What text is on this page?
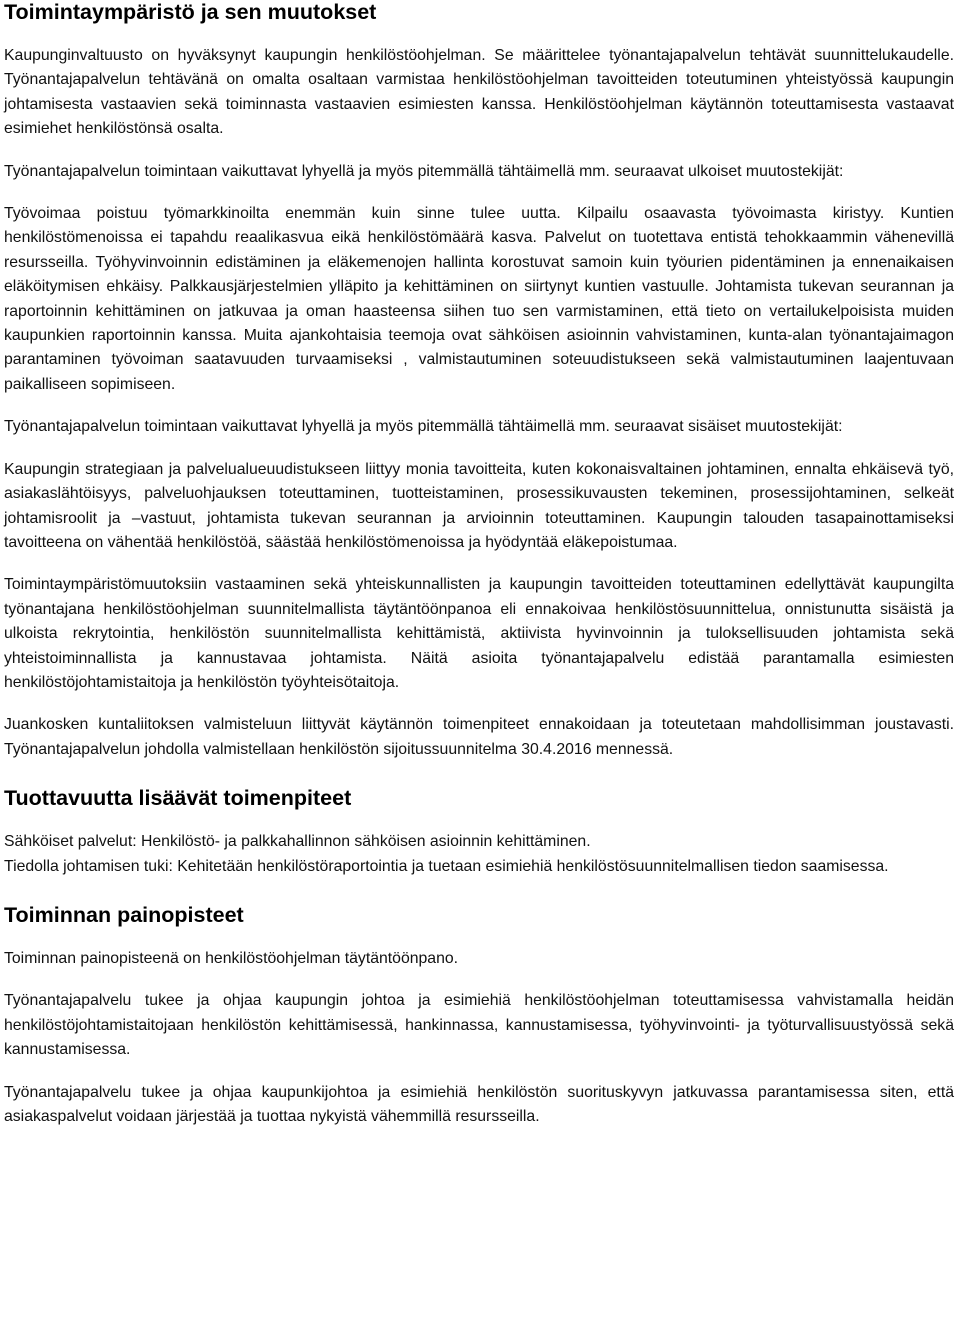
Toimintaympäristö ja sen muutokset

Kaupunginvaltuusto on hyväksynyt kaupungin henkilöstöohjelman. Se määrittelee työnantajapalvelun tehtävät suunnittelukaudelle. Työnantajapalvelun tehtävänä on omalta osaltaan varmistaa henkilöstöohjelman tavoitteiden toteutuminen yhteistyössä kaupungin johtamisesta vastaavien sekä toiminnasta vastaavien esimiesten kanssa. Henkilöstöohjelman käytännön toteuttamisesta vastaavat esimiehet henkilöstönsä osalta.

Työnantajapalvelun toimintaan vaikuttavat lyhyellä ja myös pitemmällä tähtäimellä mm. seuraavat ulkoiset muutostekijät:

Työvoimaa poistuu työmarkkinoilta enemmän kuin sinne tulee uutta. Kilpailu osaavasta työvoimasta kiristyy. Kuntien henkilöstömenoissa ei tapahdu reaalikasvua eikä henkilöstömäärä kasva. Palvelut on tuotettava entistä tehokkaammin vähenevillä resursseilla. Työhyvinvoinnin edistäminen ja eläkemenojen hallinta korostuvat samoin kuin työurien pidentäminen ja ennenaikaisen eläköitymisen ehkäisy. Palkkausjärjestelmien ylläpito ja kehittäminen on siirtynyt kuntien vastuulle. Johtamista tukevan seurannan ja raportoinnin kehittäminen on jatkuvaa ja oman haasteensa siihen tuo sen varmistaminen, että tieto on vertailukelpoisista muiden kaupunkien raportoinnin kanssa. Muita ajankohtaisia teemoja ovat sähköisen asioinnin vahvistaminen, kunta-alan työnantajaimagon parantaminen työvoiman saatavuuden turvaamiseksi , valmistautuminen soteuudistukseen sekä valmistautuminen laajentuvaan paikalliseen sopimiseen.

Työnantajapalvelun toimintaan vaikuttavat lyhyellä ja myös pitemmällä tähtäimellä mm. seuraavat sisäiset muutostekijät:

Kaupungin strategiaan ja palvelualueuudistukseen liittyy monia tavoitteita, kuten kokonaisvaltainen johtaminen, ennalta ehkäisevä työ, asiakaslähtöisyys, palveluohjauksen toteuttaminen, tuotteistaminen, prosessikuvausten tekeminen, prosessijohtaminen, selkeät johtamisroolit ja –vastuut, johtamista tukevan seurannan ja arvioinnin toteuttaminen. Kaupungin talouden tasapainottamiseksi tavoitteena on vähentää henkilöstöä, säästää henkilöstömenoissa ja hyödyntää eläkepoistumaa.

Toimintaympäristömuutoksiin vastaaminen sekä yhteiskunnallisten ja kaupungin tavoitteiden toteuttaminen edellyttävät kaupungilta työnantajana henkilöstöohjelman suunnitelmallista täytäntöönpanoa eli ennakoivaa henkilöstösuunnittelua, onnistunutta sisäistä ja ulkoista rekrytointia, henkilöstön suunnitelmallista kehittämistä, aktiivista hyvinvoinnin ja tuloksellisuuden johtamista sekä yhteistoiminnallista ja kannustavaa johtamista. Näitä asioita työnantajapalvelu edistää parantamalla esimiesten henkilöstöjohtamistaitoja ja henkilöstön työyhteisötaitoja.

Juankosken kuntaliitoksen valmisteluun liittyvät käytännön toimenpiteet ennakoidaan ja toteutetaan mahdollisimman joustavasti. Työnantajapalvelun johdolla valmistellaan henkilöstön sijoitussuunnitelma 30.4.2016 mennessä.

Tuottavuutta lisäävät toimenpiteet

Sähköiset palvelut: Henkilöstö- ja palkkahallinnon sähköisen asioinnin kehittäminen.

Tiedolla johtamisen tuki: Kehitetään henkilöstöraportointia ja tuetaan esimiehiä henkilöstösuunnitelmallisen tiedon saamisessa.

Toiminnan painopisteet

Toiminnan painopisteenä on henkilöstöohjelman täytäntöönpano.

Työnantajapalvelu tukee ja ohjaa kaupungin johtoa ja esimiehiä henkilöstöohjelman toteuttamisessa vahvistamalla heidän henkilöstöjohtamistaitojaan henkilöstön kehittämisessä, hankinnassa, kannustamisessa, työhyvinvointi- ja työturvallisuustyössä sekä kannustamisessa.

Työnantajapalvelu tukee ja ohjaa kaupunkijohtoa ja esimiehiä henkilöstön suorituskyvyn jatkuvassa parantamisessa siten, että asiakaspalvelut voidaan järjestää ja tuottaa nykyistä vähemmillä resursseilla.
